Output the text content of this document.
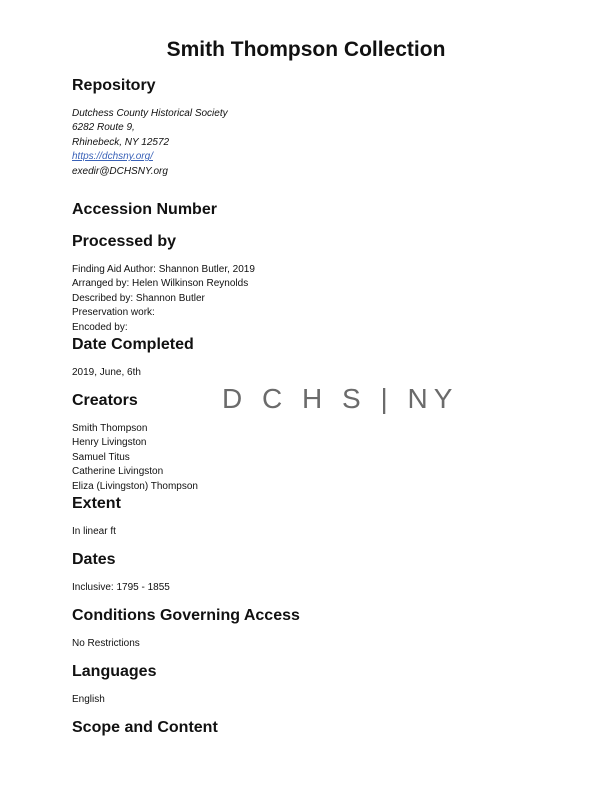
Smith Thompson Collection
Repository
Dutchess County Historical Society
6282 Route 9,
Rhinebeck, NY 12572
https://dchsny.org/
exedir@DCHSNY.org
Accession Number
Processed by
Finding Aid Author: Shannon Butler, 2019
Arranged by: Helen Wilkinson Reynolds
Described by: Shannon Butler
Preservation work:
Encoded by:
Date Completed
2019, June, 6th
D C H S | NY
Creators
Smith Thompson
Henry Livingston
Samuel Titus
Catherine Livingston
Eliza (Livingston) Thompson
Extent
In linear ft
Dates
Inclusive: 1795 - 1855
Conditions Governing Access
No Restrictions
Languages
English
Scope and Content
